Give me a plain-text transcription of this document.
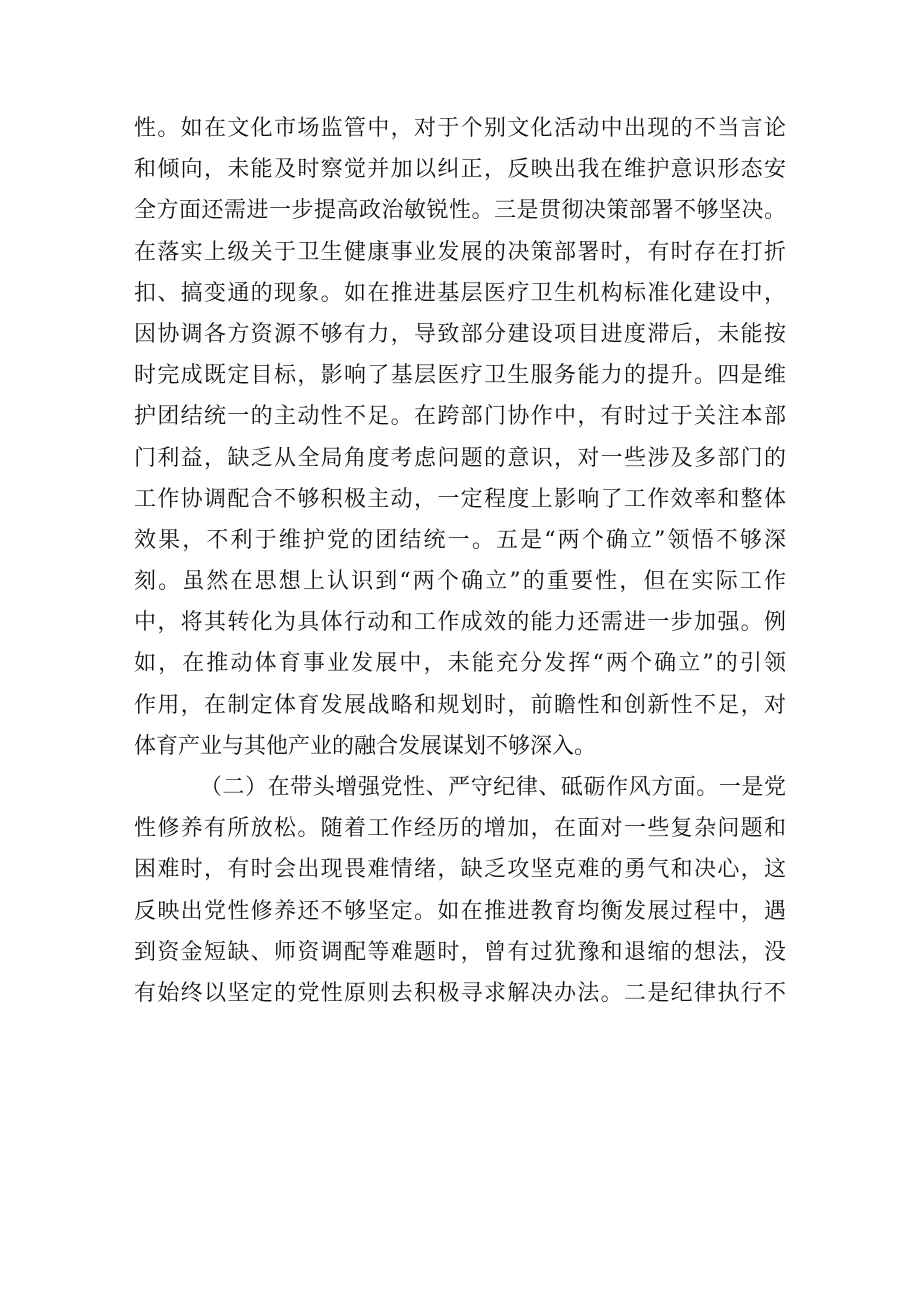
性。如在文化市场监管中，对于个别文化活动中出现的不当言论
和倾向，未能及时察觉并加以纠正，反映出我在维护意识形态安
全方面还需进一步提高政治敏锐性。三是贯彻决策部署不够坚决。
在落实上级关于卫生健康事业发展的决策部署时，有时存在打折
扣、搞变通的现象。如在推进基层医疗卫生机构标准化建设中，
因协调各方资源不够有力，导致部分建设项目进度滞后，未能按
时完成既定目标，影响了基层医疗卫生服务能力的提升。四是维
护团结统一的主动性不足。在跨部门协作中，有时过于关注本部
门利益，缺乏从全局角度考虑问题的意识，对一些涉及多部门的
工作协调配合不够积极主动，一定程度上影响了工作效率和整体
效果，不利于维护党的团结统一。五是“两个确立”领悟不够深
刻。虽然在思想上认识到“两个确立”的重要性，但在实际工作
中，将其转化为具体行动和工作成效的能力还需进一步加强。例
如，在推动体育事业发展中，未能充分发挥“两个确立”的引领
作用，在制定体育发展战略和规划时，前瞻性和创新性不足，对
体育产业与其他产业的融合发展谋划不够深入。
（二）在带头增强党性、严守纪律、砥砺作风方面。一是党
性修养有所放松。随着工作经历的增加，在面对一些复杂问题和
困难时，有时会出现畏难情绪，缺乏攻坚克难的勇气和决心，这
反映出党性修养还不够坚定。如在推进教育均衡发展过程中，遇
到资金短缺、师资调配等难题时，曾有过犹豫和退缩的想法，没
有始终以坚定的党性原则去积极寻求解决办法。二是纪律执行不
